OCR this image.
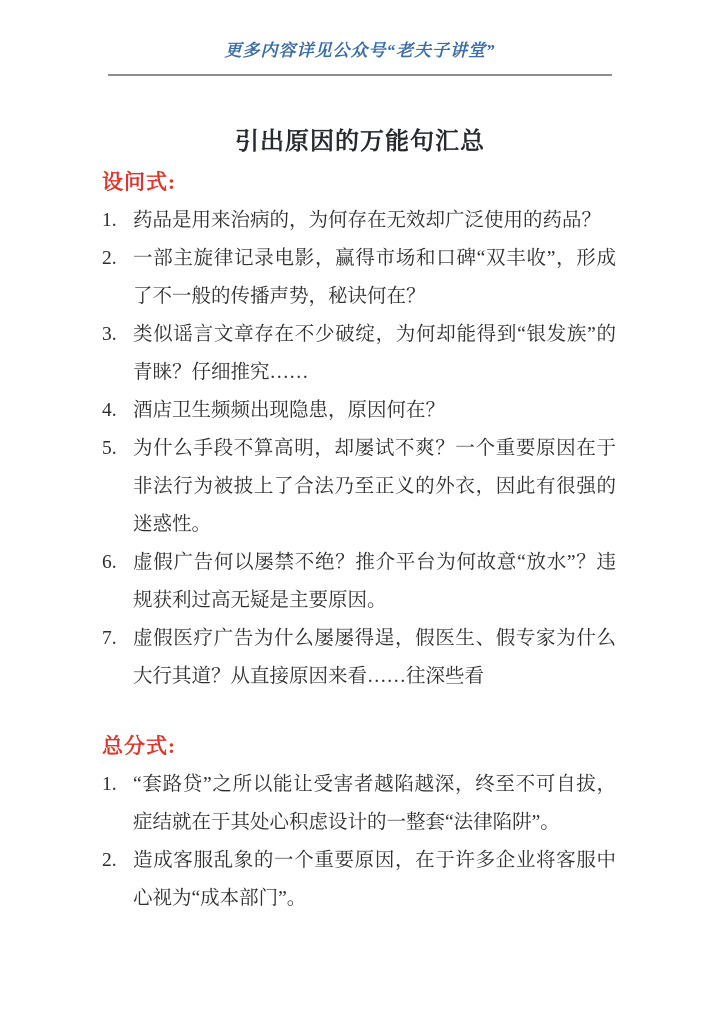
更多内容详见公众号“老夫子讲堂”
引出原因的万能句汇总
设问式:
1. 药品是用来治病的，为何存在无效却广泛使用的药品？
2. 一部主旋律记录电影，赢得市场和口碑“双丰收”，形成了不一般的传播声势，秘诀何在？
3. 类似谣言文章存在不少破绽，为何却能得到“银发族”的青睐？仔细推究……
4. 酒店卫生频频出现隐患，原因何在？
5. 为什么手段不算高明，却屡试不爽？一个重要原因在于非法行为被披上了合法乃至正义的外衣，因此有很强的迷惑性。
6. 虚假广告何以屡禁不绝？推介平台为何故意“放水”？违规获利过高无疑是主要原因。
7. 虚假医疗广告为什么屡屡得逞，假医生、假专家为什么大行其道？从直接原因来看……往深些看
总分式:
1. “套路贷”之所以能让受害者越陷越深，终至不可自拔，症结就在于其处心积虑设计的一整套“法律陷阱”。
2. 造成客服乱象的一个重要原因，在于许多企业将客服中心视为“成本部门”。
